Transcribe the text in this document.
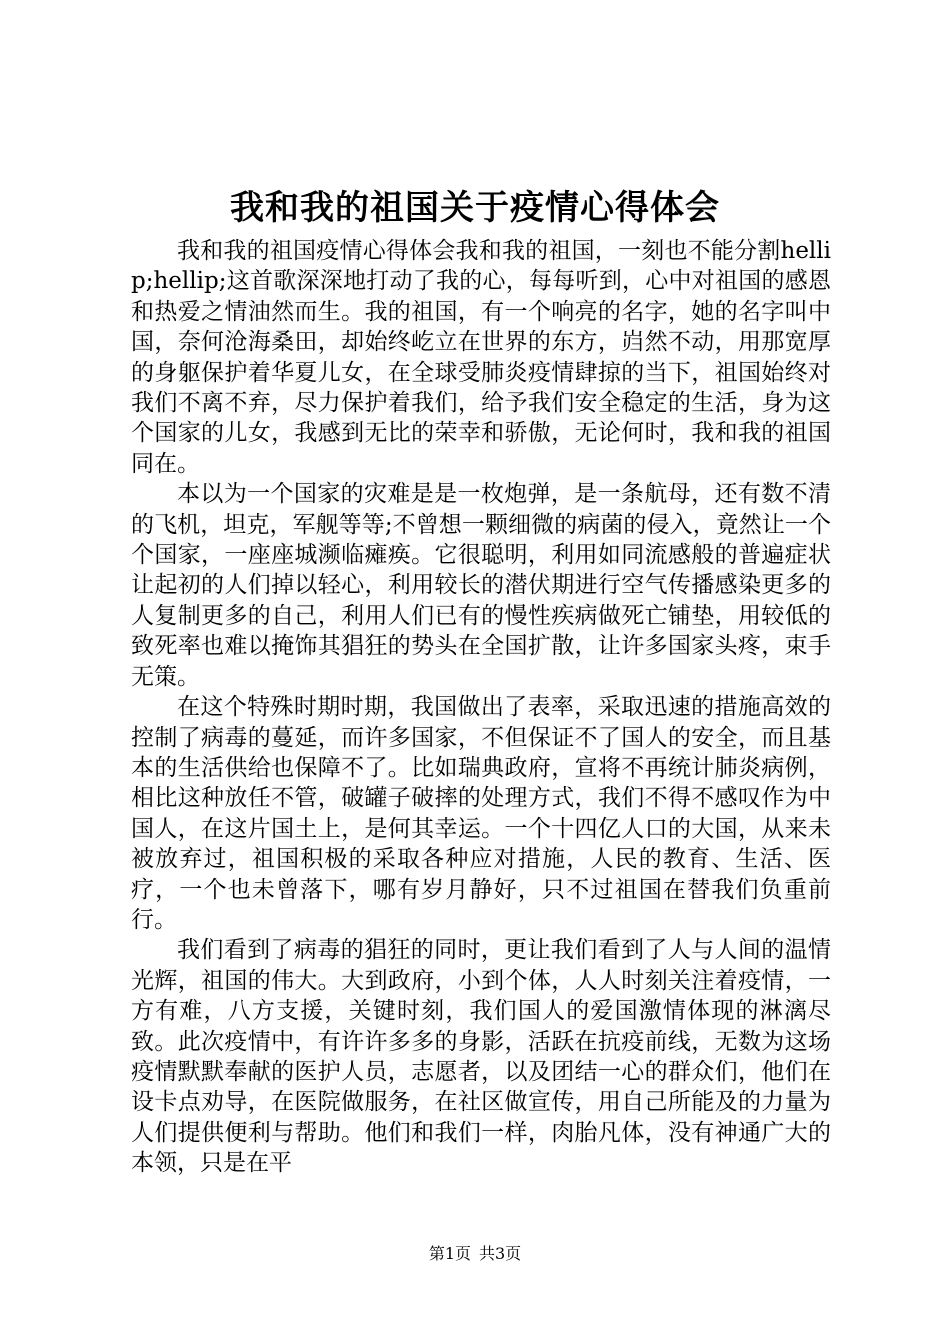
我和我的祖国关于疫情心得体会

我和我的祖国疫情心得体会我和我的祖国，一刻也不能分割hellip;hellip;这首歌深深地打动了我的心，每每听到，心中对祖国的感恩和热爱之情油然而生。我的祖国，有一个响亮的名字，她的名字叫中国，奈何沧海桑田，却始终屹立在世界的东方，岿然不动，用那宽厚的身躯保护着华夏儿女，在全球受肺炎疫情肆掠的当下，祖国始终对我们不离不弃，尽力保护着我们，给予我们安全稳定的生活，身为这个国家的儿女，我感到无比的荣幸和骄傲，无论何时，我和我的祖国同在。

本以为一个国家的灾难是是一枚炮弹，是一条航母，还有数不清的飞机，坦克，军舰等等;不曾想一颗细微的病菌的侵入，竟然让一个个国家，一座座城濒临瘫痪。它很聪明，利用如同流感般的普遍症状让起初的人们掉以轻心，利用较长的潜伏期进行空气传播感染更多的人复制更多的自己，利用人们已有的慢性疾病做死亡铺垫，用较低的致死率也难以掩饰其猖狂的势头在全国扩散，让许多国家头疼，束手无策。

在这个特殊时期时期，我国做出了表率，采取迅速的措施高效的控制了病毒的蔓延，而许多国家，不但保证不了国人的安全，而且基本的生活供给也保障不了。比如瑞典政府，宣将不再统计肺炎病例，相比这种放任不管，破罐子破摔的处理方式，我们不得不感叹作为中国人，在这片国土上，是何其幸运。一个十四亿人口的大国，从来未被放弃过，祖国积极的采取各种应对措施，人民的教育、生活、医疗，一个也未曾落下，哪有岁月静好，只不过祖国在替我们负重前行。

我们看到了病毒的猖狂的同时，更让我们看到了人与人间的温情光辉，祖国的伟大。大到政府，小到个体，人人时刻关注着疫情，一方有难，八方支援，关键时刻，我们国人的爱国激情体现的淋漓尽致。此次疫情中，有许许多多的身影，活跃在抗疫前线，无数为这场疫情默默奉献的医护人员，志愿者，以及团结一心的群众们，他们在设卡点劝导，在医院做服务，在社区做宣传，用自己所能及的力量为人们提供便利与帮助。他们和我们一样，肉胎凡体，没有神通广大的本领，只是在平

第1页 共3页
